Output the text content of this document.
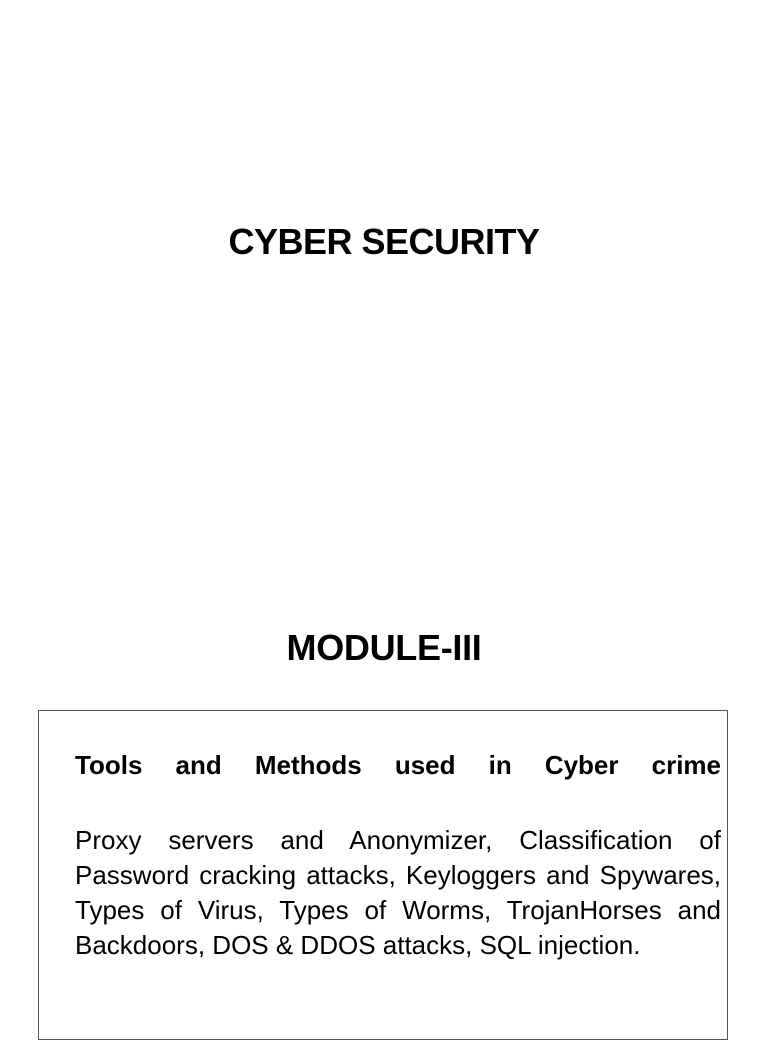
CYBER SECURITY
MODULE-III
Tools and Methods used in Cyber crime
Proxy servers and Anonymizer, Classification of Password cracking attacks, Keyloggers and Spywares, Types of Virus, Types of Worms, TrojanHorses and Backdoors, DOS & DDOS attacks, SQL injection.
